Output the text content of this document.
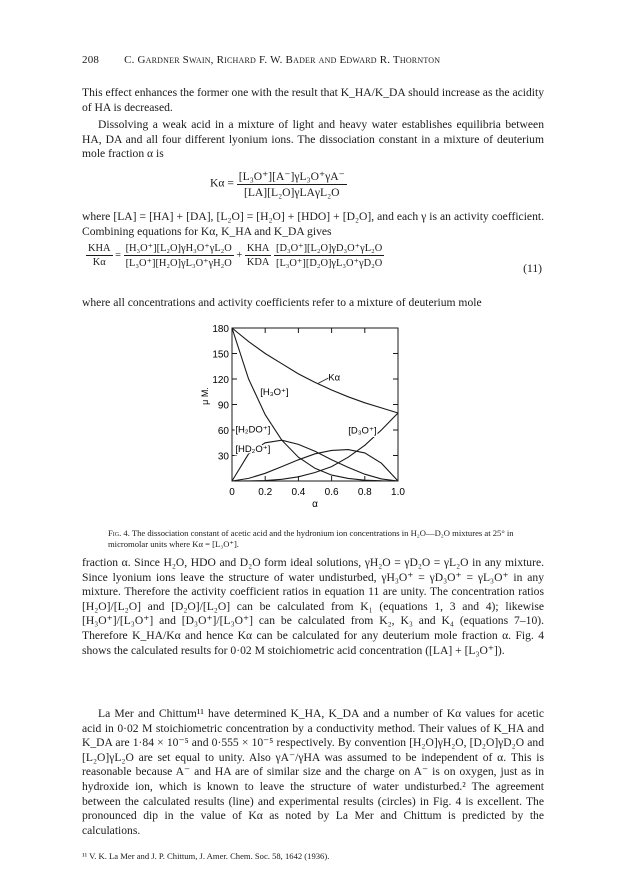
208 C. Gardner Swain, Richard F. W. Bader and Edward R. Thornton

This effect enhances the former one with the result that K_HA/K_DA should increase as the acidity of HA is decreased.

Dissolving a weak acid in a mixture of light and heavy water establishes equilibria between HA, DA and all four different lyonium ions. The dissociation constant in a mixture of deuterium mole fraction α is

$K\alpha = \frac{\text{[L₃O⁺][A⁻]γL₃O⁺γA⁻}}{\text{[LA][L₂O]γLAγL₂O}}$

where [LA] = [HA] + [DA], [L₂O] = [H₂O] + [HDO] + [D₂O], and each γ is an activity coefficient. Combining equations for Kα, K_HA and K_DA gives

$\frac{\text{KHA}}{K\alpha} = \frac{\text{[H₃O⁺][L₂O]γH₃O⁺γL₂O}}{\text{[L₃O⁺][H₂O]γL₃O⁺γH₂O}} + \frac{\text{KHA}}{\text{KDA}}$
$\frac{\text{[D₃O⁺][L₂O]γD₃O⁺γL₂O}}{\text{[L₃O⁺][D₂O]γL₃O⁺γD₂O}}$	(11)

where all concentrations and activity coefficients refer to a mixture of deuterium mole

180
150
120
90
60
30
0 0.2 0.4 0.6 0.8 1.0
μ M.
α
Kα
[H₃O⁺]
[H₂DO⁺]
[HD₂O⁺]
[D₃O⁺]
Fig. 4. The dissociation constant of acetic acid and the hydronium ion concentrations in H₂O—D₂O mixtures at 25° in micromolar units where Kα = [L₃O⁺].

fraction α. Since H₂O, HDO and D₂O form ideal solutions, γH₂O = γD₂O = γL₂O in any mixture. Since lyonium ions leave the structure of water undisturbed, γH₃O⁺ = γD₃O⁺ = γL₃O⁺ in any mixture. Therefore the activity coefficient ratios in equation 11 are unity. The concentration ratios [H₂O]/[L₂O] and [D₂O]/[L₂O] can be calculated from K₁ (equations 1, 3 and 4); likewise [H₃O⁺]/[L₃O⁺] and [D₃O⁺]/[L₃O⁺] can be calculated from K₂, K₃ and K₄ (equations 7–10). Therefore K_HA/Kα and hence Kα can be calculated for any deuterium mole fraction α. Fig. 4 shows the calculated results for 0·02 M stoichiometric acid concentration ([LA] + [L₃O⁺]).

La Mer and Chittum¹¹ have determined K_HA, K_DA and a number of Kα values for acetic acid in 0·02 M stoichiometric concentration by a conductivity method. Their values of K_HA and K_DA are 1·84 × 10⁻⁵ and 0·555 × 10⁻⁵ respectively. By convention [H₂O]γH₂O, [D₂O]γD₂O and [L₂O]γL₂O are set equal to unity. Also γA⁻/γHA was assumed to be independent of α. This is reasonable because A⁻ and HA are of similar size and the charge on A⁻ is on oxygen, just as in hydroxide ion, which is known to leave the structure of water undisturbed.² The agreement between the calculated results (line) and experimental results (circles) in Fig. 4 is excellent. The pronounced dip in the value of Kα as noted by La Mer and Chittum is predicted by the calculations.

¹¹ V. K. La Mer and J. P. Chittum, J. Amer. Chem. Soc. 58, 1642 (1936).
